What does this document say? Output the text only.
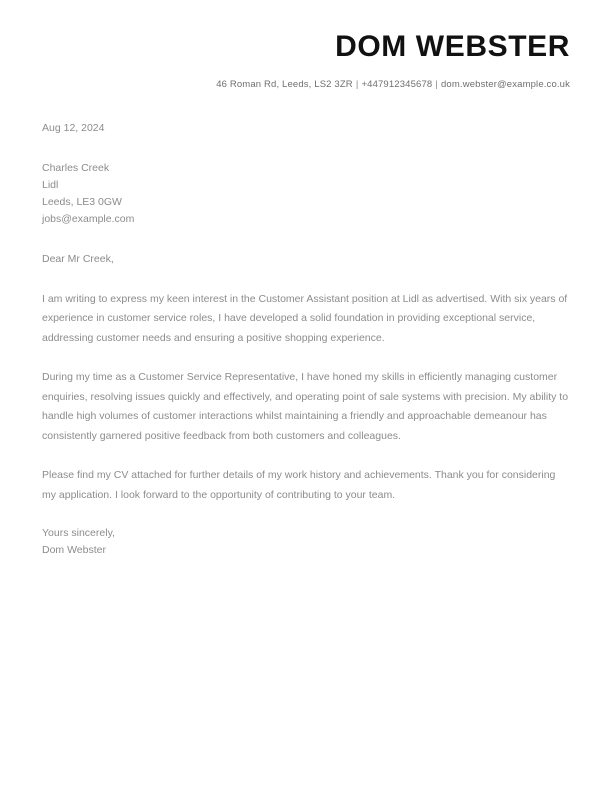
DOM WEBSTER
46 Roman Rd, Leeds, LS2 3ZR | +447912345678 | dom.webster@example.co.uk

Aug 12, 2024

Charles Creek
Lidl
Leeds, LE3 0GW
jobs@example.com

Dear Mr Creek,

I am writing to express my keen interest in the Customer Assistant position at Lidl as advertised. With six years of experience in customer service roles, I have developed a solid foundation in providing exceptional service, addressing customer needs and ensuring a positive shopping experience.

During my time as a Customer Service Representative, I have honed my skills in efficiently managing customer enquiries, resolving issues quickly and effectively, and operating point of sale systems with precision. My ability to handle high volumes of customer interactions whilst maintaining a friendly and approachable demeanour has consistently garnered positive feedback from both customers and colleagues.

Please find my CV attached for further details of my work history and achievements. Thank you for considering my application. I look forward to the opportunity of contributing to your team.

Yours sincerely,
Dom Webster
